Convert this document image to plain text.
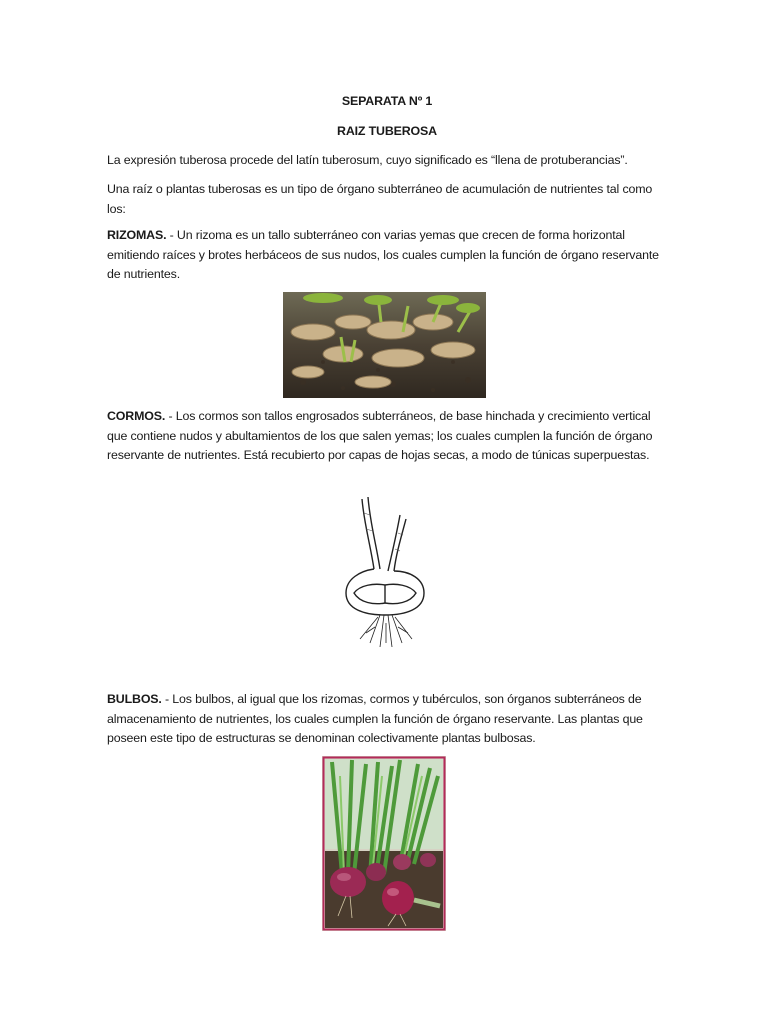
SEPARATA Nº 1

RAIZ TUBEROSA

La expresión tuberosa procede del latín tuberosum, cuyo significado es “llena de protuberancias”.

Una raíz o plantas tuberosas es un tipo de órgano subterráneo de acumulación de nutrientes tal como los:

RIZOMAS. - Un rizoma es un tallo subterráneo con varias yemas que crecen de forma horizontal emitiendo raíces y brotes herbáceos de sus nudos, los cuales cumplen la función de órgano reservante de nutrientes.

CORMOS. - Los cormos son tallos engrosados subterráneos, de base hinchada y crecimiento vertical que contiene nudos y abultamientos de los que salen yemas; los cuales cumplen la función de órgano reservante de nutrientes. Está recubierto por capas de hojas secas, a modo de túnicas superpuestas.

BULBOS. - Los bulbos, al igual que los rizomas, cormos y tubérculos, son órganos subterráneos de almacenamiento de nutrientes, los cuales cumplen la función de órgano reservante. Las plantas que poseen este tipo de estructuras se denominan colectivamente plantas bulbosas.
